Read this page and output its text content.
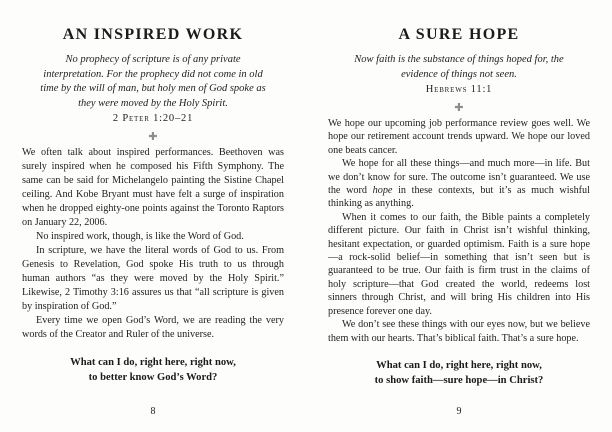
AN INSPIRED WORK

No prophecy of scripture is of any private interpretation. For the prophecy did not come in old time by the will of man, but holy men of God spoke as they were moved by the Holy Spirit.

2 Peter 1:20–21

✚

We often talk about inspired performances. Beethoven was surely inspired when he composed his Fifth Symphony. The same can be said for Michelangelo painting the Sistine Chapel ceiling. And Kobe Bryant must have felt a surge of inspiration when he dropped eighty-one points against the Toronto Raptors on January 22, 2006.

No inspired work, though, is like the Word of God.

In scripture, we have the literal words of God to us. From Genesis to Revelation, God spoke His truth to us through human authors “as they were moved by the Holy Spirit.” Likewise, 2 Timothy 3:16 assures us that “all scripture is given by inspiration of God.”

Every time we open God’s Word, we are reading the very words of the Creator and Ruler of the universe.

What can I do, right here, right now,
to better know God’s Word?

8
A SURE HOPE

Now faith is the substance of things hoped for, the evidence of things not seen.

Hebrews 11:1

✚

We hope our upcoming job performance review goes well. We hope our retirement account trends upward. We hope our loved one beats cancer.

We hope for all these things—and much more—in life. But we don’t know for sure. The outcome isn’t guaranteed. We use the word hope in these contexts, but it’s as much wishful thinking as anything.

When it comes to our faith, the Bible paints a completely different picture. Our faith in Christ isn’t wishful thinking, hesitant expectation, or guarded optimism. Faith is a sure hope—a rock-solid belief—in something that isn’t seen but is guaranteed to be true. Our faith is firm trust in the claims of holy scripture—that God created the world, redeems lost sinners through Christ, and will bring His children into His presence forever one day.

We don’t see these things with our eyes now, but we believe them with our hearts. That’s biblical faith. That’s a sure hope.

What can I do, right here, right now,
to show faith—sure hope—in Christ?

9
